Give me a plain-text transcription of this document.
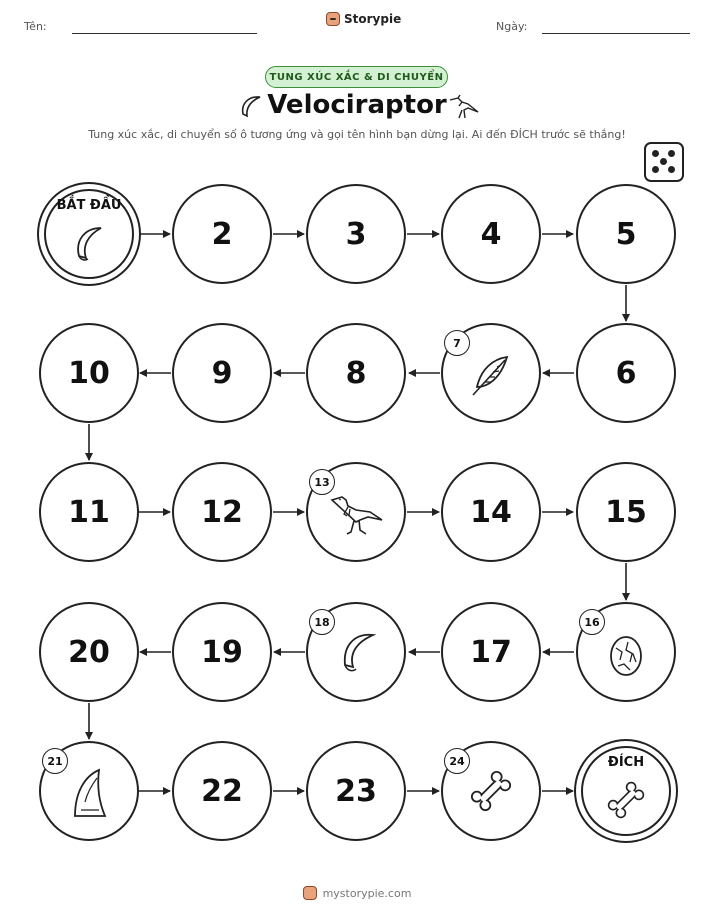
Tên:
Storypie
Ngày:
TUNG XÚC XẮC & DI CHUYỂN
Velociraptor
Tung xúc xắc, di chuyển số ô tương ứng và gọi tên hình bạn dừng lại. Ai đến ĐÍCH trước sẽ thắng!
BẮT ĐẦU
2	3	4	5
6
7
8
9
10
11	12
13
14	15
16
17
18
19
20
21
22	23
24	ĐÍCH
mystorypie.com
